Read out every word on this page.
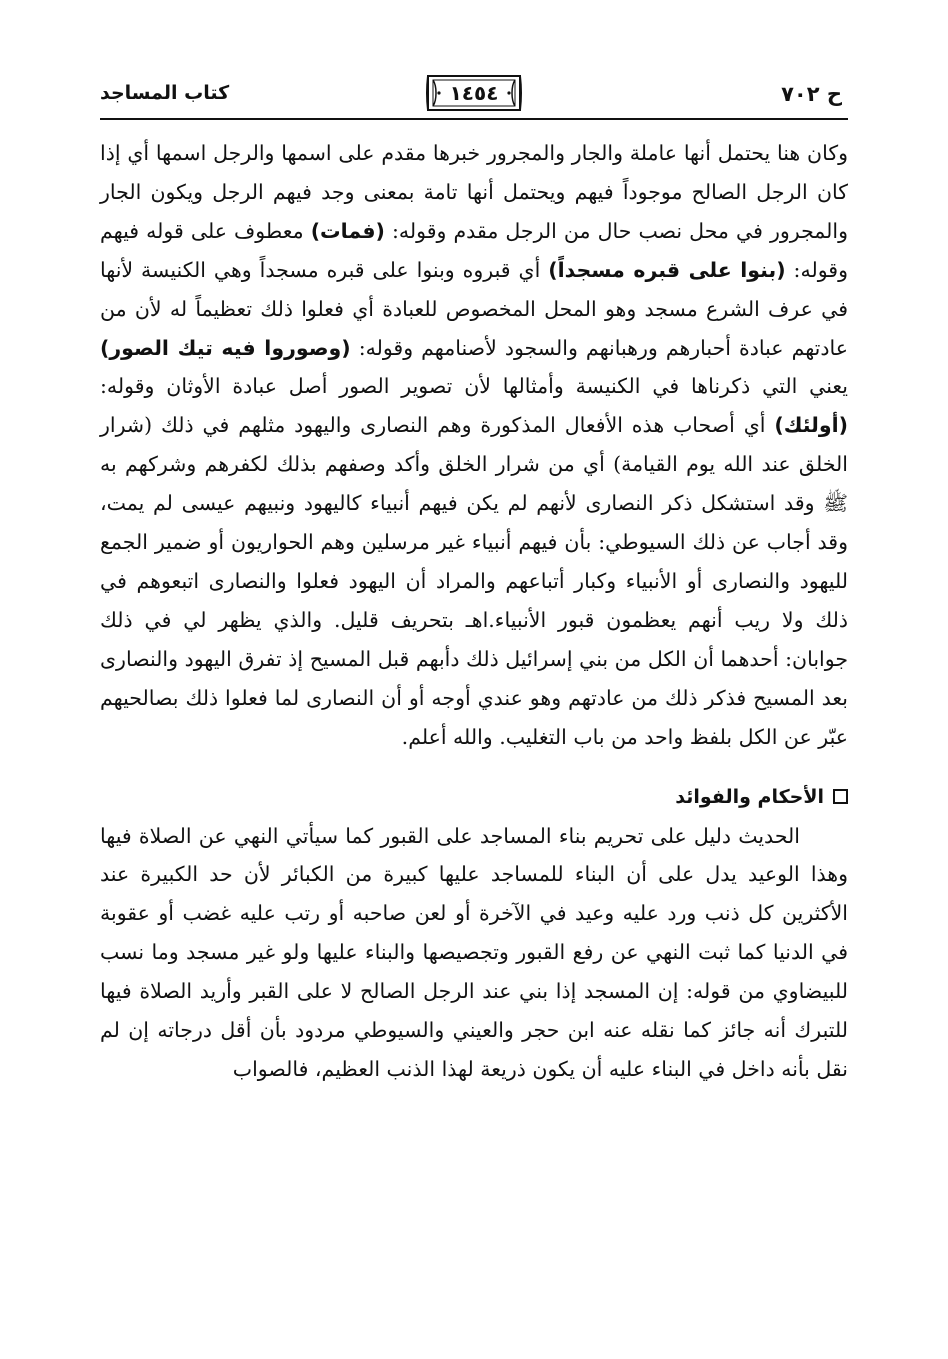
ح ٧٠٢
١٤٥٤
كتاب المساجد

وكان هنا يحتمل أنها عاملة والجار والمجرور خبرها مقدم على اسمها والرجل اسمها أي إذا كان الرجل الصالح موجوداً فيهم ويحتمل أنها تامة بمعنى وجد فيهم الرجل ويكون الجار والمجرور في محل نصب حال من الرجل مقدم وقوله: (فمات) معطوف على قوله فيهم وقوله: (بنوا على قبره مسجداً) أي قبروه وبنوا على قبره مسجداً وهي الكنيسة لأنها في عرف الشرع مسجد وهو المحل المخصوص للعبادة أي فعلوا ذلك تعظيماً له لأن من عادتهم عبادة أحبارهم ورهبانهم والسجود لأصنامهم وقوله: (وصوروا فيه تيك الصور) يعني التي ذكرناها في الكنيسة وأمثالها لأن تصوير الصور أصل عبادة الأوثان وقوله: (أولئك) أي أصحاب هذه الأفعال المذكورة وهم النصارى واليهود مثلهم في ذلك (شرار الخلق عند الله يوم القيامة) أي من شرار الخلق وأكد وصفهم بذلك لكفرهم وشركهم به ﷺ وقد استشكل ذكر النصارى لأنهم لم يكن فيهم أنبياء كاليهود ونبيهم عيسى لم يمت، وقد أجاب عن ذلك السيوطي: بأن فيهم أنبياء غير مرسلين وهم الحواريون أو ضمير الجمع لليهود والنصارى أو الأنبياء وكبار أتباعهم والمراد أن اليهود فعلوا والنصارى اتبعوهم في ذلك ولا ريب أنهم يعظمون قبور الأنبياء.اهـ بتحريف قليل. والذي يظهر لي في ذلك جوابان: أحدهما أن الكل من بني إسرائيل ذلك دأبهم قبل المسيح إذ تفرق اليهود والنصارى بعد المسيح فذكر ذلك من عادتهم وهو عندي أوجه أو أن النصارى لما فعلوا ذلك بصالحيهم عبّر عن الكل بلفظ واحد من باب التغليب. والله أعلم.

الأحكام والفوائد

الحديث دليل على تحريم بناء المساجد على القبور كما سيأتي النهي عن الصلاة فيها وهذا الوعيد يدل على أن البناء للمساجد عليها كبيرة من الكبائر لأن حد الكبيرة عند الأكثرين كل ذنب ورد عليه وعيد في الآخرة أو لعن صاحبه أو رتب عليه غضب أو عقوبة في الدنيا كما ثبت النهي عن رفع القبور وتجصيصها والبناء عليها ولو غير مسجد وما نسب للبيضاوي من قوله: إن المسجد إذا بني عند الرجل الصالح لا على القبر وأريد الصلاة فيها للتبرك أنه جائز كما نقله عنه ابن حجر والعيني والسيوطي مردود بأن أقل درجاته إن لم نقل بأنه داخل في البناء عليه أن يكون ذريعة لهذا الذنب العظيم، فالصواب
